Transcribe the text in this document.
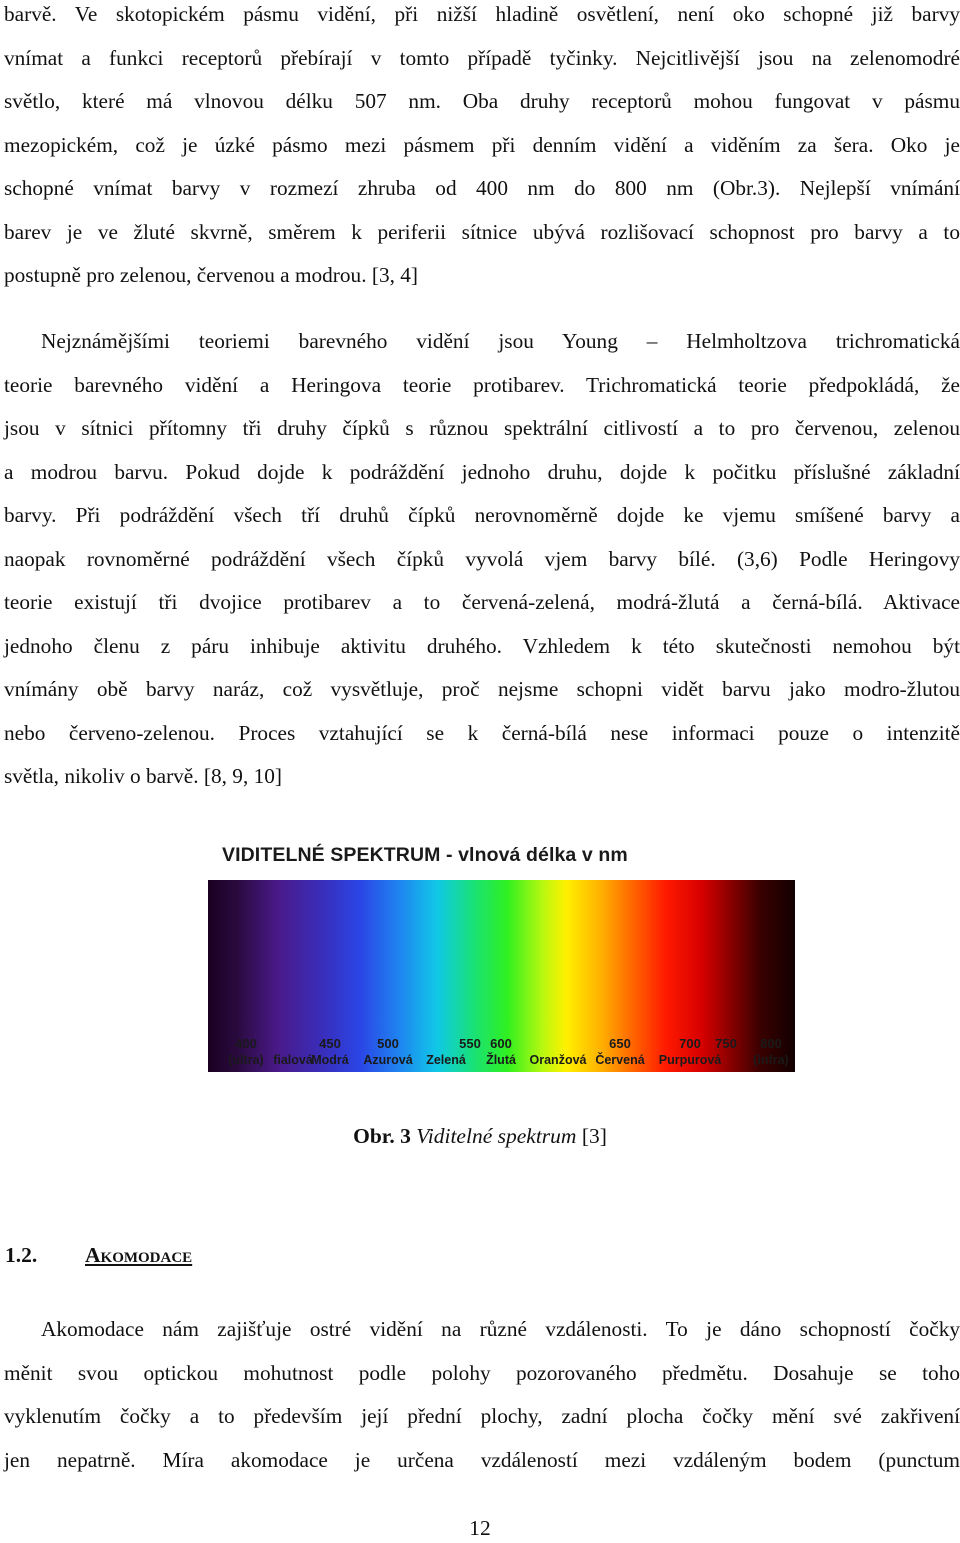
barvě. Ve skotopickém pásmu vidění, při nižší hladině osvětlení, není oko schopné již barvy
vnímat a funkci receptorů přebírají v tomto případě tyčinky. Nejcitlivější jsou na zelenomodré
světlo, které má vlnovou délku 507 nm. Oba druhy receptorů mohou fungovat v pásmu
mezopickém, což je úzké pásmo mezi pásmem při denním vidění a viděním za šera. Oko je
schopné vnímat barvy v rozmezí zhruba od 400 nm do 800 nm (Obr.3). Nejlepší vnímání
barev je ve žluté skvrně, směrem k periferii sítnice ubývá rozlišovací schopnost pro barvy a to
postupně pro zelenou, červenou a modrou. [3, 4]
Nejznámějšími teoriemi barevného vidění jsou Young – Helmholtzova trichromatická
teorie barevného vidění a Heringova teorie protibarev. Trichromatická teorie předpokládá, že
jsou v sítnici přítomny tři druhy čípků s různou spektrální citlivostí a to pro červenou, zelenou
a modrou barvu. Pokud dojde k podráždění jednoho druhu, dojde k počitku příslušné základní
barvy. Při podráždění všech tří druhů čípků nerovnoměrně dojde ke vjemu smíšené barvy a
naopak rovnoměrné podráždění všech čípků vyvolá vjem barvy bílé. (3,6) Podle Heringovy
teorie existují tři dvojice protibarev a to červená-zelená, modrá-žlutá a černá-bílá. Aktivace
jednoho členu z páru inhibuje aktivitu druhého. Vzhledem k této skutečnosti nemohou být
vnímány obě barvy naráz, což vysvětluje, proč nejsme schopni vidět barvu jako modro-žlutou
nebo červeno-zelenou. Proces vztahující se k černá-bílá nese informaci pouze o intenzitě
světla, nikoliv o barvě. [8, 9, 10]
VIDITELNÉ SPEKTRUM - vlnová délka v nm
400
(ultra) fialová
450
Modrá
500
Azurová Zelená
550 600
Žlutá Oranžová
650
Červená
700
Purpurová
750	800
(infra)
Obr. 3 Viditelné spektrum [3]
1.2. Akomodace
Akomodace nám zajišťuje ostré vidění na různé vzdálenosti. To je dáno schopností čočky
měnit svou optickou mohutnost podle polohy pozorovaného předmětu. Dosahuje se toho
vyklenutím čočky a to především její přední plochy, zadní plocha čočky mění své zakřivení
jen nepatrně. Míra akomodace je určena vzdáleností mezi vzdáleným bodem (punctum
12
